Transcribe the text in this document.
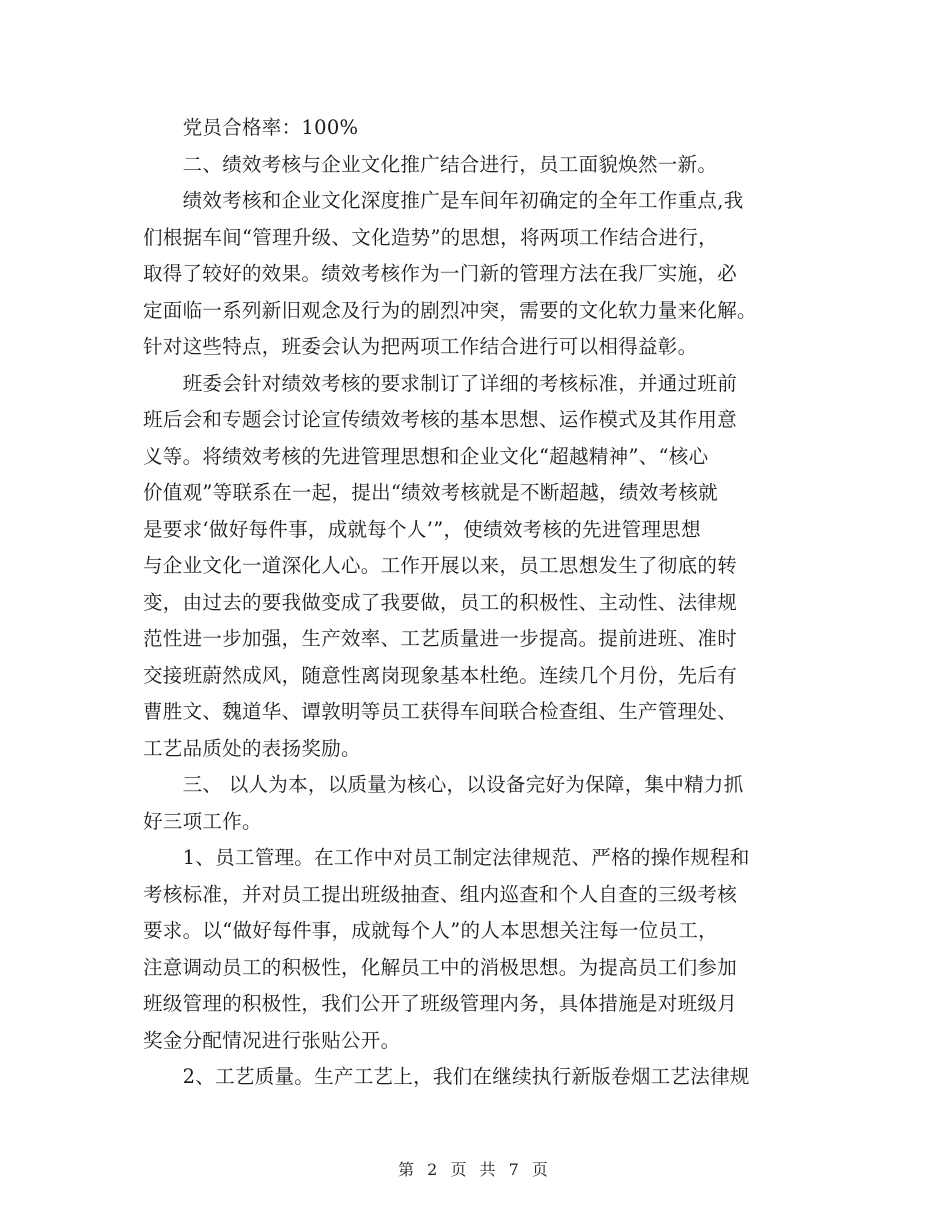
　　党员合格率：100%
　　二、绩效考核与企业文化推广结合进行，员工面貌焕然一新。
　　绩效考核和企业文化深度推广是车间年初确定的全年工作重点,我
们根据车间“管理升级、文化造势”的思想，将两项工作结合进行，
取得了较好的效果。绩效考核作为一门新的管理方法在我厂实施，必
定面临一系列新旧观念及行为的剧烈冲突，需要的文化软力量来化解。
针对这些特点，班委会认为把两项工作结合进行可以相得益彰。
　　班委会针对绩效考核的要求制订了详细的考核标准，并通过班前
班后会和专题会讨论宣传绩效考核的基本思想、运作模式及其作用意
义等。将绩效考核的先进管理思想和企业文化“超越精神”、“核心
价值观”等联系在一起，提出“绩效考核就是不断超越，绩效考核就
是要求‘做好每件事，成就每个人’”，使绩效考核的先进管理思想
与企业文化一道深化人心。工作开展以来，员工思想发生了彻底的转
变，由过去的要我做变成了我要做，员工的积极性、主动性、法律规
范性进一步加强，生产效率、工艺质量进一步提高。提前进班、准时
交接班蔚然成风，随意性离岗现象基本杜绝。连续几个月份，先后有
曹胜文、魏道华、谭敦明等员工获得车间联合检查组、生产管理处、
工艺品质处的表扬奖励。
　　三、 以人为本，以质量为核心，以设备完好为保障，集中精力抓
好三项工作。
　　1、员工管理。在工作中对员工制定法律规范、严格的操作规程和
考核标准，并对员工提出班级抽查、组内巡查和个人自查的三级考核
要求。以“做好每件事，成就每个人”的人本思想关注每一位员工，
注意调动员工的积极性，化解员工中的消极思想。为提高员工们参加
班级管理的积极性，我们公开了班级管理内务，具体措施是对班级月
奖金分配情况进行张贴公开。
　　2、工艺质量。生产工艺上，我们在继续执行新版卷烟工艺法律规
第 2 页 共 7 页
